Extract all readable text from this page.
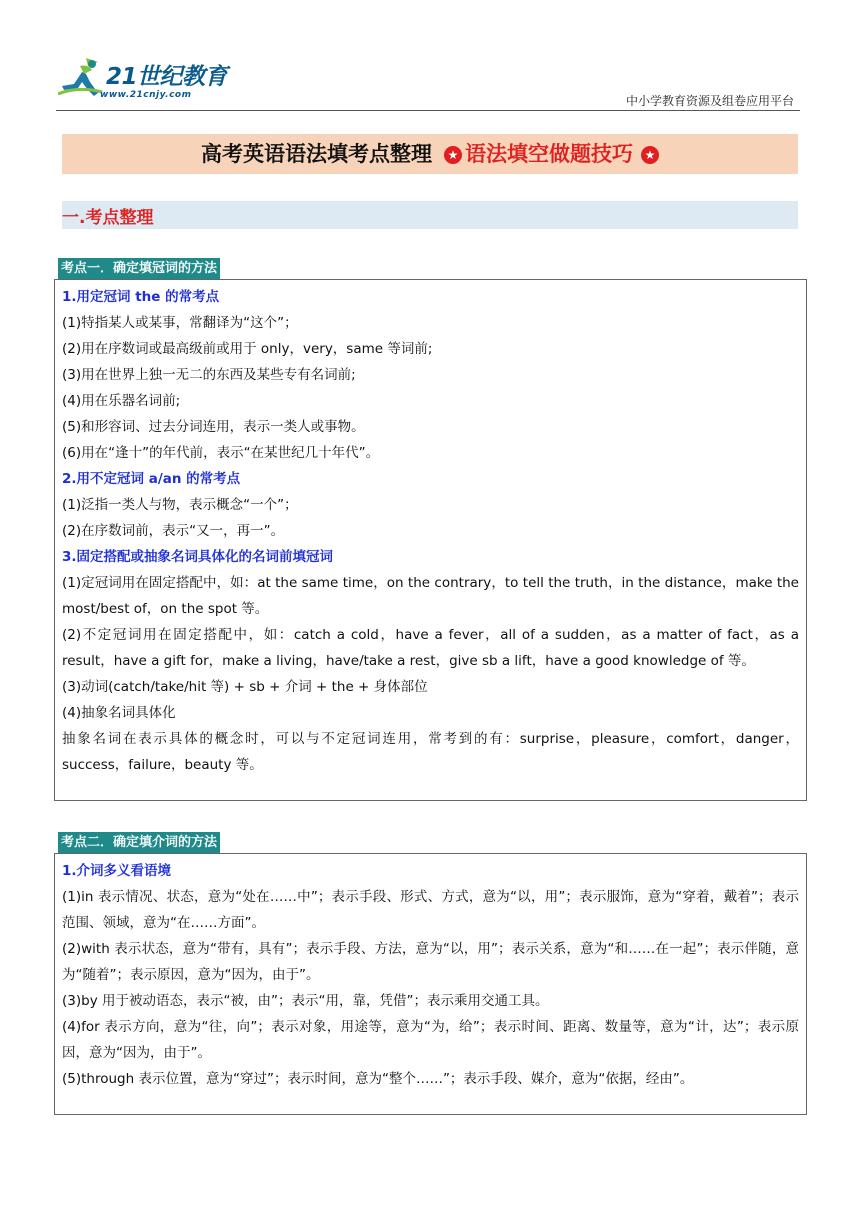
21世纪教育
www.21cnjy.com	中小学教育资源及组卷应用平台
高考英语语法填考点整理 ★ 语法填空做题技巧 ★
一.考点整理
考点一．确定填冠词的方法
1.用定冠词 the 的常考点
(1)特指某人或某事，常翻译为“这个”；
(2)用在序数词或最高级前或用于 only，very，same 等词前;
(3)用在世界上独一无二的东西及某些专有名词前;
(4)用在乐器名词前;
(5)和形容词、过去分词连用，表示一类人或事物。
(6)用在“逢十”的年代前，表示“在某世纪几十年代”。
2.用不定冠词 a/an 的常考点
(1)泛指一类人与物，表示概念“一个”；
(2)在序数词前，表示“又一，再一”。
3.固定搭配或抽象名词具体化的名词前填冠词
(1)定冠词用在固定搭配中，如：at the same time，on the contrary，to tell the truth，in the distance，make the most/best of，on the spot 等。
(2)不定冠词用在固定搭配中，如：catch a cold，have a fever，all of a sudden，as a matter of fact，as a result，have a gift for，make a living，have/take a rest，give sb a lift，have a good knowledge of 等。
(3)动词(catch/take/hit 等) + sb + 介词 + the + 身体部位
(4)抽象名词具体化
抽象名词在表示具体的概念时，可以与不定冠词连用，常考到的有：surprise，pleasure，comfort，danger，success，failure，beauty 等。
考点二．确定填介词的方法
1.介词多义看语境
(1)in 表示情况、状态，意为“处在……中”；表示手段、形式、方式，意为“以，用”；表示服饰，意为“穿着，戴着”；表示范围、领域，意为“在……方面”。
(2)with 表示状态，意为“带有，具有”；表示手段、方法，意为“以，用”；表示关系，意为“和……在一起”；表示伴随，意为“随着”；表示原因，意为“因为，由于”。
(3)by 用于被动语态，表示“被，由”；表示“用，靠，凭借”；表示乘用交通工具。
(4)for 表示方向，意为“往，向”；表示对象，用途等，意为“为，给”；表示时间、距离、数量等，意为“计，达”；表示原因，意为“因为，由于”。
(5)through 表示位置，意为“穿过”；表示时间，意为“整个……”；表示手段、媒介，意为“依据，经由”。
